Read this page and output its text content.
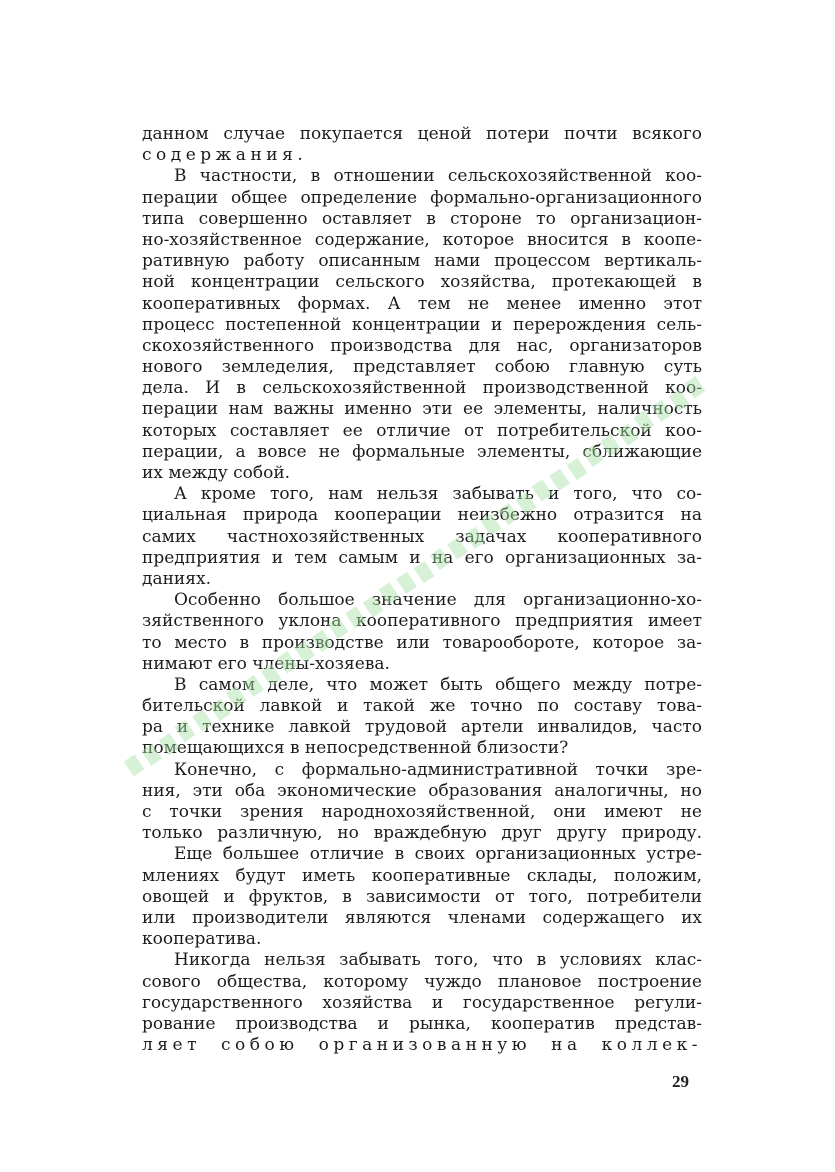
данном случае покупается ценой потери почти всякого
содержания.
В частности, в отношении сельскохозяйственной коо-
перации общее определение формально-организационного
типа совершенно оставляет в стороне то организацион-
но-хозяйственное содержание, которое вносится в коопе-
ративную работу описанным нами процессом вертикаль-
ной концентрации сельского хозяйства, протекающей в
кооперативных формах. А тем не менее именно этот
процесс постепенной концентрации и перерождения сель-
скохозяйственного производства для нас, организаторов
нового земледелия, представляет собою главную суть
дела. И в сельскохозяйственной производственной коо-
перации нам важны именно эти ее элементы, наличность
которых составляет ее отличие от потребительской коо-
перации, а вовсе не формальные элементы, сближающие
их между собой.
А кроме того, нам нельзя забывать и того, что со-
циальная природа кооперации неизбежно отразится на
самих частнохозяйственных задачах кооперативного
предприятия и тем самым и на его организационных за-
даниях.
Особенно большое значение для организационно-хо-
зяйственного уклона кооперативного предприятия имеет
то место в производстве или товарообороте, которое за-
нимают его члены-хозяева.
В самом деле, что может быть общего между потре-
бительской лавкой и такой же точно по составу това-
ра и технике лавкой трудовой артели инвалидов, часто
помещающихся в непосредственной близости?
Конечно, с формально-административной точки зре-
ния, эти оба экономические образования аналогичны, но
с точки зрения народнохозяйственной, они имеют не
только различную, но враждебную друг другу природу.
Еще большее отличие в своих организационных устре-
млениях будут иметь кооперативные склады, положим,
овощей и фруктов, в зависимости от того, потребители
или производители являются членами содержащего их
кооператива.
Никогда нельзя забывать того, что в условиях клас-
сового общества, которому чуждо плановое построение
государственного хозяйства и государственное регули-
рование производства и рынка, кооператив представ-
ляет собою организованную на коллек-
29
